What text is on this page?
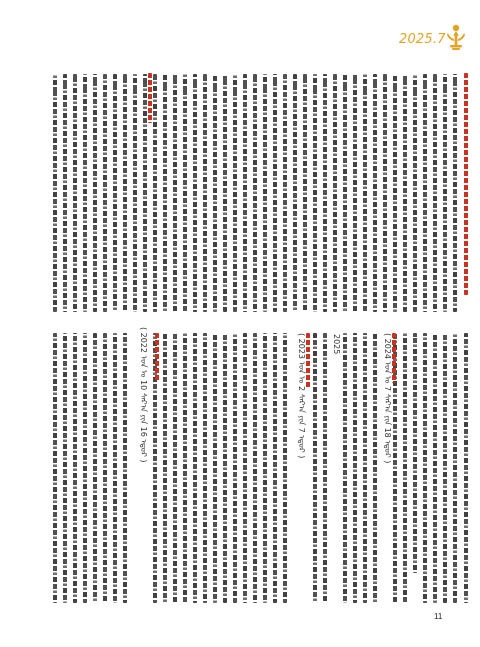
2025.7
( 2022 ᠣᠨ ᠤ 10 ᠰᠠᠷ᠎ᠠ ᠶᠢᠨ 16 ᠡᠳᠦᠷ )	( 2024 ᠣᠨ ᠤ 7 ᠰᠠᠷ᠎ᠠ ᠶᠢᠨ 18 ᠡᠳᠦᠷ )
( 2023 ᠣᠨ ᠤ 2 ᠰᠠᠷ᠎ᠠ ᠶᠢᠨ 7 ᠡᠳᠦᠷ )	2025
11
